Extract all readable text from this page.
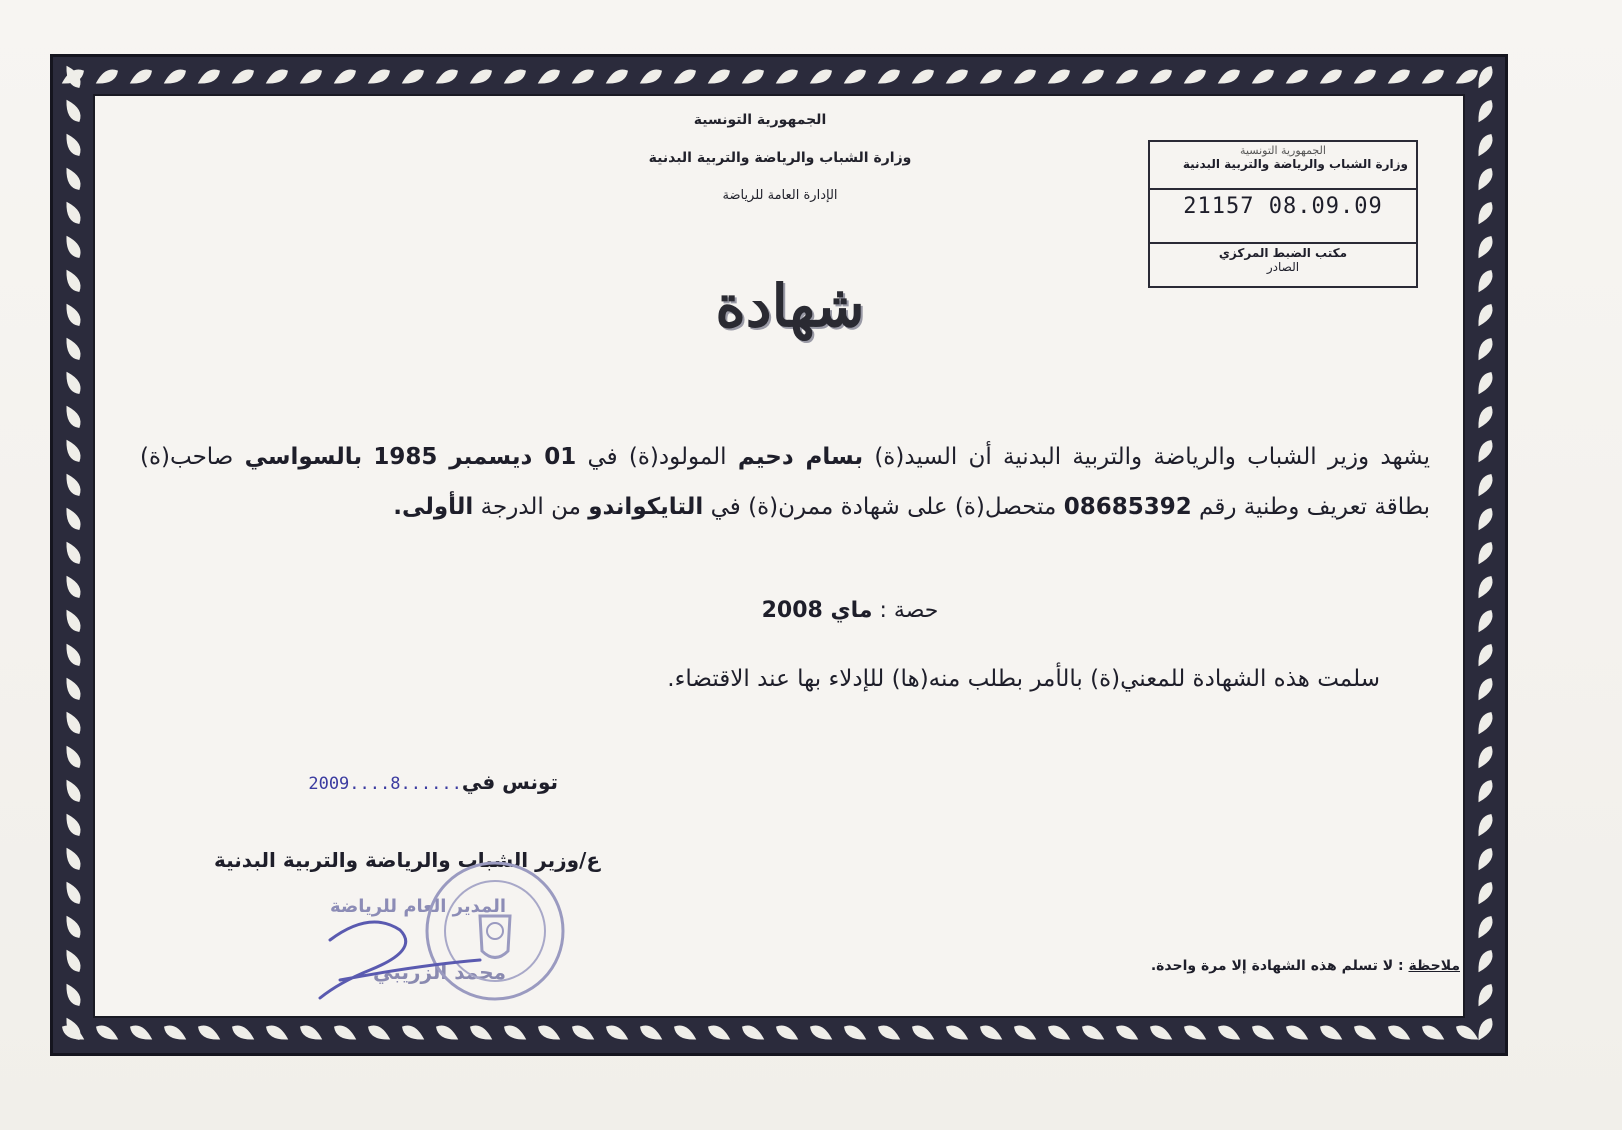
الجمهورية التونسية
وزارة الشباب والرياضة والتربية البدنية
الإدارة العامة للرياضة
الجمهورية التونسية
وزارة الشباب والرياضة والتربية البدنية
21157 08.09.09
مكتب الضبط المركزي
الصادر
شهادة
يشهد وزير الشباب والرياضة والتربية البدنية أن السيد(ة) بسام دحيم المولود(ة) في 01 ديسمبر 1985 بالسواسي صاحب(ة) بطاقة تعريف وطنية رقم 08685392 متحصل(ة) على شهادة ممرن(ة) في التايكواندو من الدرجة الأولى.
حصة : ماي 2008
سلمت هذه الشهادة للمعني(ة) بالأمر بطلب منه(ها) للإدلاء بها عند الاقتضاء.
تونس في2009....8......
ع/وزير الشباب والرياضة والتربية البدنية
المدير العام للرياضة
محمد الزريبي	ملاحظة : لا تسلم هذه الشهادة إلا مرة واحدة.
